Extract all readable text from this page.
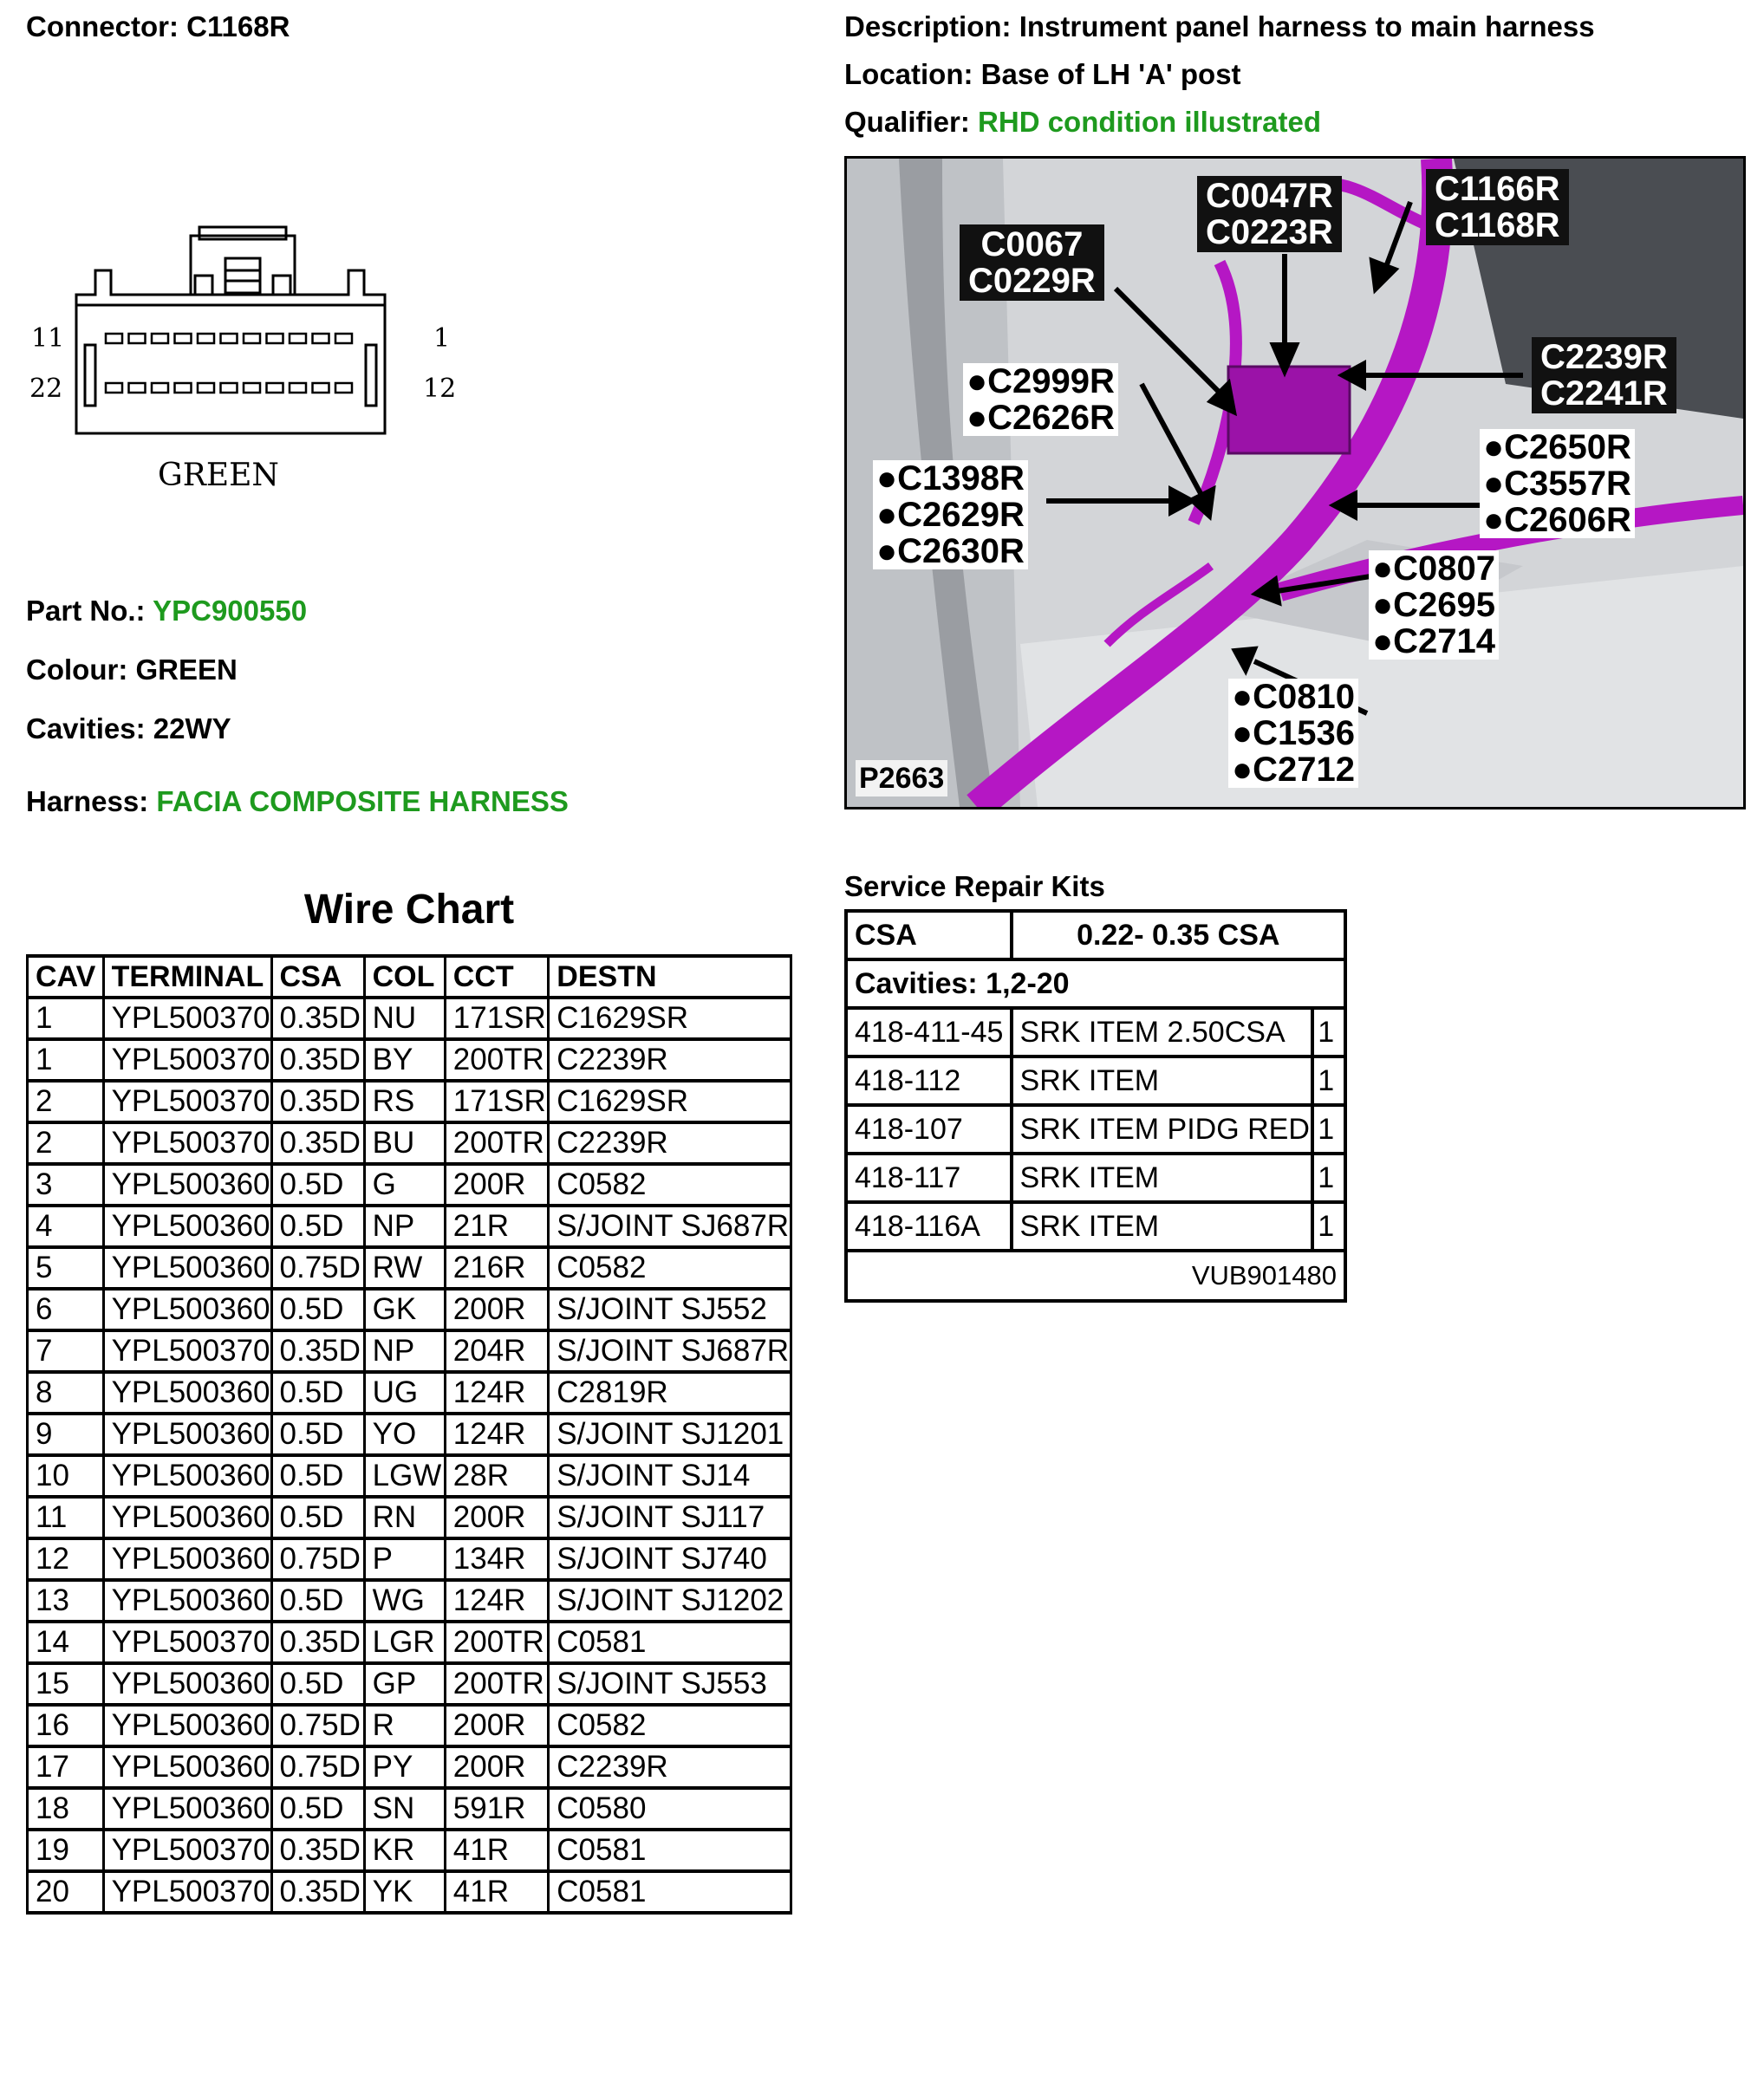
Connector: C1168R
Part No.: YPC900550
Colour: GREEN
Cavities: 22WY
Harness: FACIA COMPOSITE HARNESS
Description: Instrument panel harness to main harness
Location: Base of LH 'A' post
Qualifier: RHD condition illustrated
11	1
22	12
GREEN
C0047R
C0223R
C1166R
C1168R
C0067
C0229R
C2239R
C2241R
●C2999R
●C2626R
●C2650R
●C3557R
●C2606R
●C1398R
●C2629R
●C2630R	●C0807
●C2695
●C2714
●C0810
●C1536
●C2712
P2663
Wire Chart
CAV	TERMINAL	CSA	COL	CCT	DESTN
1	YPL500370	0.35D	NU	171SR	C1629SR
1	YPL500370	0.35D	BY	200TR	C2239R
2	YPL500370	0.35D	RS	171SR	C1629SR
2	YPL500370	0.35D	BU	200TR	C2239R
3	YPL500360	0.5D	G	200R	C0582
4	YPL500360	0.5D	NP	21R	S/JOINT SJ687R
5	YPL500360	0.75D	RW	216R	C0582
6	YPL500360	0.5D	GK	200R	S/JOINT SJ552
7	YPL500370	0.35D	NP	204R	S/JOINT SJ687R
8	YPL500360	0.5D	UG	124R	C2819R
9	YPL500360	0.5D	YO	124R	S/JOINT SJ1201
10	YPL500360	0.5D	LGW	28R	S/JOINT SJ14
11	YPL500360	0.5D	RN	200R	S/JOINT SJ117
12	YPL500360	0.75D	P	134R	S/JOINT SJ740
13	YPL500360	0.5D	WG	124R	S/JOINT SJ1202
14	YPL500370	0.35D	LGR	200TR	C0581
15	YPL500360	0.5D	GP	200TR	S/JOINT SJ553
16	YPL500360	0.75D	R	200R	C0582
17	YPL500360	0.75D	PY	200R	C2239R
18	YPL500360	0.5D	SN	591R	C0580
19	YPL500370	0.35D	KR	41R	C0581
20	YPL500370	0.35D	YK	41R	C0581
Service Repair Kits
CSA	0.22- 0.35 CSA	
Cavities: 1,2-20		
418-411-45	SRK ITEM 2.50CSA	1
418-112	SRK ITEM	1
418-107	SRK ITEM PIDG RED	1
418-117	SRK ITEM	1
418-116A	SRK ITEM	1
VUB901480		
